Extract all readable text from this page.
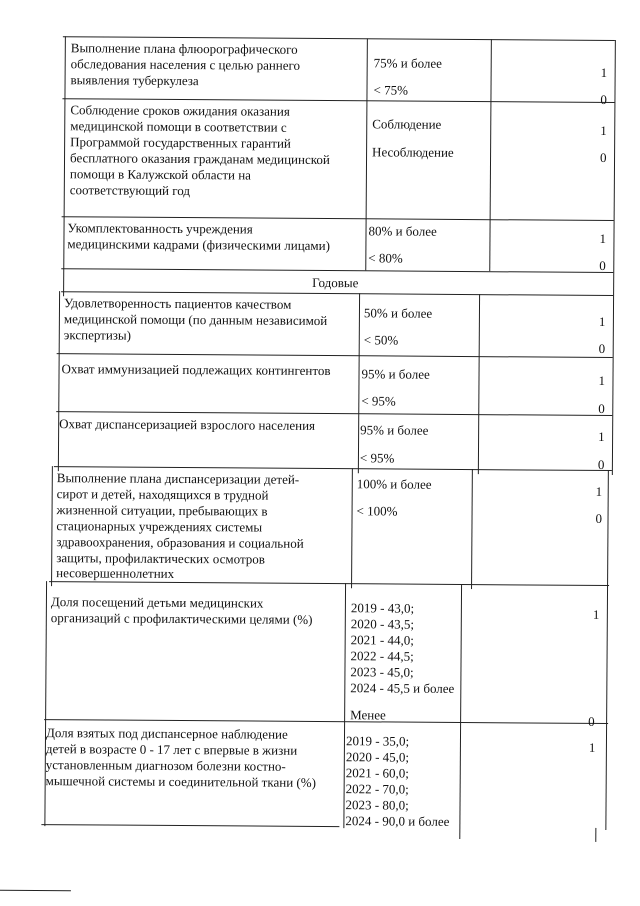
Выполнение плана флюорографического
обследования населения с целью раннего
выявления туберкулеза
75% и более
< 75%
1
0
Соблюдение сроков ожидания оказания
медицинской помощи в соответствии с
Программой государственных гарантий
бесплатного оказания гражданам медицинской
помощи в Калужской области на
соответствующий год
Соблюдение
Несоблюдение
1
0
Укомплектованность учреждения
медицинскими кадрами (физическими лицами)
80% и более
< 80%
1
0
Годовые
Удовлетворенность пациентов качеством
медицинской помощи (по данным независимой
экспертизы)
50% и более
< 50%
1
0
Охват иммунизацией подлежащих контингентов 95% и более
< 95%
1
0
Охват диспансеризацией взрослого населения	95% и более
< 95%
1
0
Выполнение плана диспансеризации детей-
сирот и детей, находящихся в трудной
жизненной ситуации, пребывающих в
стационарных учреждениях системы
здравоохранения, образования и социальной
защиты, профилактических осмотров
несовершеннолетних
100% и более
< 100%
1
0
Доля посещений детьми медицинских
организаций с профилактическими целями (%)
2019 - 43,0;
2020 - 43,5;
2021 - 44,0;
2022 - 44,5;
2023 - 45,0;
2024 - 45,5 и более
Менее
1
0
Доля взятых под диспансерное наблюдение
детей в возрасте 0 - 17 лет с впервые в жизни
установленным диагнозом болезни костно-
мышечной системы и соединительной ткани (%)
2019 - 35,0;
2020 - 45,0;
2021 - 60,0;
2022 - 70,0;
2023 - 80,0;
2024 - 90,0 и более
1
